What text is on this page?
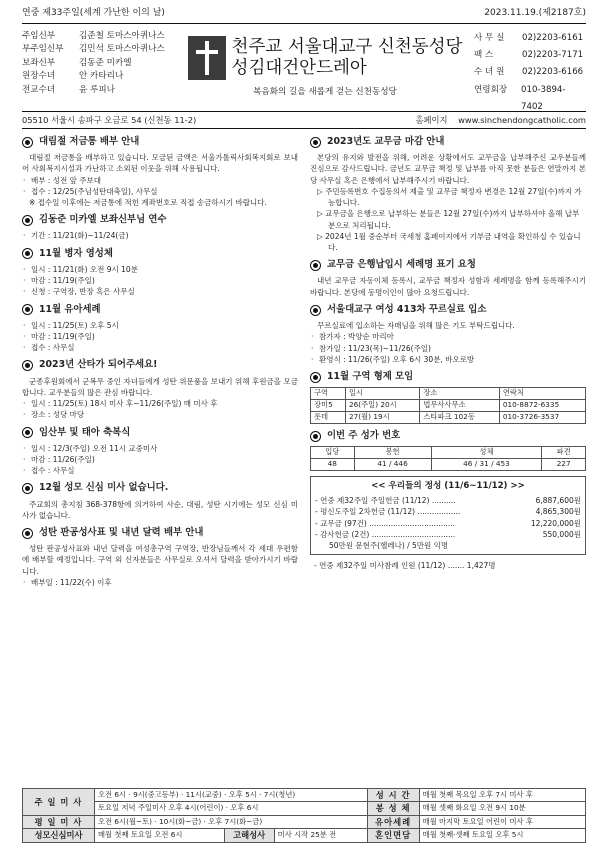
연중 제33주일(세계 가난한 이의 날)	2023.11.19.(제2187호)
주임신부	김준철 토마스아퀴나스
부주임신부	김민석 토마스아퀴나스
보좌신부	김동준 미카엘
원장수녀	안 카타리나
전교수녀	윤 루피나
천주교 서울대교구 신천동성당
성김대건안드레아
복음화의 길을 새롭게 걷는 신천동성당
사 무 실	02)2203-6161
팩 스	02)2203-7171
수 녀 원	02)2203-6166
연령회장	010-3894-7402
05510 서울시 송파구 오금로 54 (신천동 11-2)	홈페이지 www.sinchendongcatholic.com
대림절 저금통 배부 안내
대림절 저금통을 배부하고 있습니다. 모금된 금액은 서울가톨릭사회복지회로 보내어 사회복지시설과 가난하고 소외된 이웃을 위해 사용됩니다.
· 배부 : 성전 앞 주보대
· 접수 : 12/25(주님성탄대축일), 사무실
※ 접수일 이후에는 저금통에 적힌 계좌번호로 직접 송금하시기 바랍니다.
김동준 미카엘 보좌신부님 연수
· 기간 : 11/21(화)~11/24(금)
11월 병자 영성체
· 일시 : 11/21(화) 오전 9시 10분
· 마감 : 11/19(주일)
· 신청 : 구역장, 반장 혹은 사무실
11월 유아세례
· 일시 : 11/25(토) 오후 5시
· 마감 : 11/19(주일)
· 접수 : 사무실
2023년 산타가 되어주세요!
군종후원회에서 군복무 중인 자녀들에게 성탄 위문품을 보내기 위해 후원금을 모금합니다. 교우분들의 많은 관심 바랍니다.
· 일시 : 11/25(토) 18시 미사 후~11/26(주일) 매 미사 후
· 장소 : 성당 마당
임산부 및 태아 축복식
· 일시 : 12/3(주일) 오전 11시 교중미사
· 마감 : 11/26(주일)
· 접수 : 사무실
12월 성모 신심 미사 없습니다.
주교회의 총지침 368-378항에 의거하여 사순, 대림, 성탄 시기에는 성모 신심 미사가 없습니다.
성탄 판공성사표 및 내년 달력 배부 안내
성탄 판공성사표와 내년 달력을 여성총구역 구역장, 반장님들께서 각 세대 우편함에 배부할 예정입니다. 구역 외 신자분들은 사무실로 오셔서 달력을 받아가시기 바랍니다.
· 배부일 : 11/22(수) 이후
2023년도 교무금 마감 안내
본당의 유지와 발전을 위해, 어려운 상황에서도 교무금을 납부해주신 교우분들께 진심으로 감사드립니다. 금년도 교무금 책정 및 납부를 아직 못한 분들은 연말까지 본당 사무실 혹은 은행에서 납부해주시기 바랍니다.
▷ 주민등록번호 수집동의서 제출 및 교무금 책정자 변경은 12월 27일(수)까지 가능합니다.
▷ 교무금을 은행으로 납부하는 분들은 12월 27일(수)까지 납부하셔야 올해 납부분으로 처리됩니다.
▷ 2024년 1월 중순부터 국세청 홈페이지에서 기부금 내역을 확인하실 수 있습니다.
교무금 은행납입시 세례명 표기 요청
내년 교무금 자동이체 등록시, 교무금 책정자 성함과 세례명을 함께 등록해주시기 바랍니다. 본당에 동명이인이 많아 요청드립니다.
서울대교구 여성 413차 꾸르실료 입소
꾸르실료에 입소하는 자매님을 위해 많은 기도 부탁드립니다.
· 참가자 : 박양순 마리아
· 참가일 : 11/23(목)~11/26(주일)
· 환영식 : 11/26(주일) 오후 6시 30분, 바오로방
11월 구역 형제 모임
구역	일시	장소	연락처
장미5	26(주일) 20시	법무사사무소	010-8872-6335
롯데	27(월) 19시	스타파크 102동	010-3726-3537
이번 주 성가 번호
입당	봉헌	성체	파견
48	41 / 446	46 / 31 / 453	227
<< 우리들의 정성 (11/6~11/12) >>
- 연중 제32주일 주일헌금 (11/12) ..........	6,887,600원
- 평신도주일 2차헌금 (11/12) ..................	4,865,300원
- 교무금 (97건) ....................................	12,220,000원
- 감사헌금 (2건) ...................................	550,000원
50만원 문현주(헬레나) / 5만원 익명
- 연중 제32주일 미사참례 인원 (11/12) ....... 1,427명
주 일 미 사	오전 6시 · 9시(중고등부) · 11시(교중) · 오후 5시 · 7시(청년)			성 시 간	매월 첫째 목요일 오후 7시 미사 후
	토요일 저녁 주일미사 오후 4시(어린이) · 오후 6시			봉 성 체	매월 셋째 화요일 오전 9시 10분
평 일 미 사	오전 6시(월~토) · 10시(화~금) · 오후 7시(화~금)			유아세례	매월 마지막 토요일 어린이 미사 후
성모신심미사	매월 첫째 토요일 오전 6시	고해성사	미사 시작 25분 전	혼인면담	매월 첫째·셋째 토요일 오후 5시
